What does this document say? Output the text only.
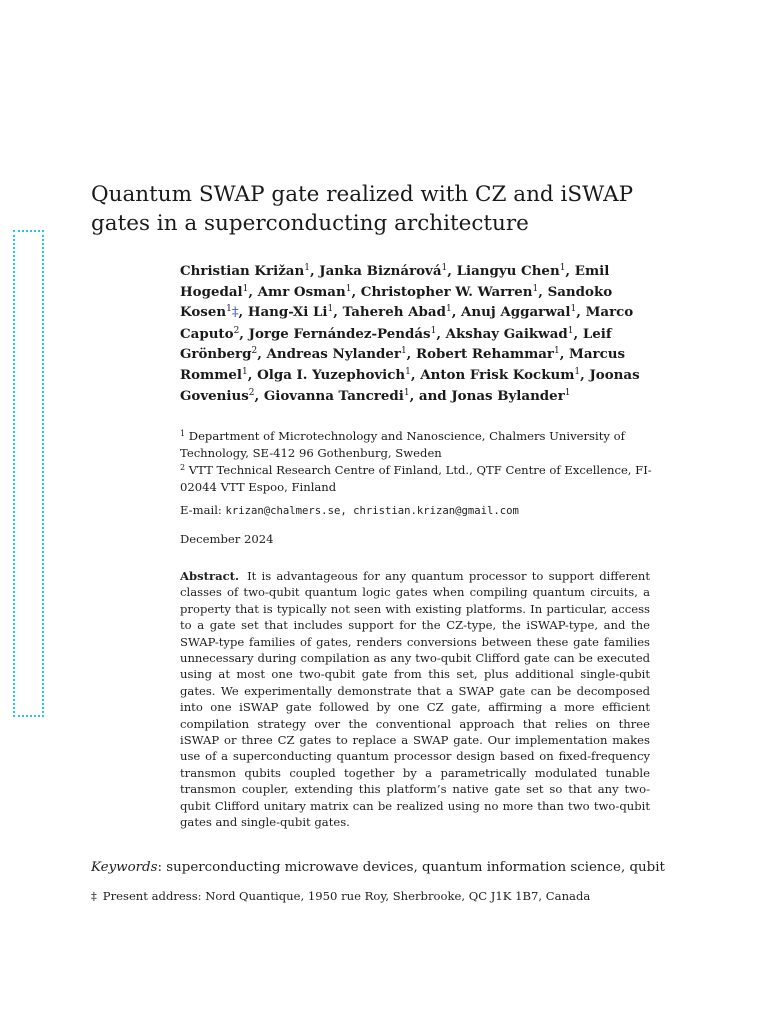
Quantum SWAP gate realized with CZ and iSWAP gates in a superconducting architecture
Christian Križan$^1$, Janka Biznárová$^1$, Liangyu Chen$^1$, Emil Hogedal$^1$, Amr Osman$^1$, Christopher W. Warren$^1$, Sandoko Kosen$^1$‡, Hang-Xi Li$^1$, Tahereh Abad$^1$, Anuj Aggarwal$^1$, Marco Caputo$^2$, Jorge Fernández-Pendás$^1$, Akshay Gaikwad$^1$, Leif Grönberg$^2$, Andreas Nylander$^1$, Robert Rehammar$^1$, Marcus Rommel$^1$, Olga I. Yuzephovich$^1$, Anton Frisk Kockum$^1$, Joonas Govenius$^2$, Giovanna Tancredi$^1$, and Jonas Bylander$^1$
$^1$ Department of Microtechnology and Nanoscience, Chalmers University of Technology, SE-412 96 Gothenburg, Sweden
$^2$ VTT Technical Research Centre of Finland, Ltd., QTF Centre of Excellence, FI-02044 VTT Espoo, Finland
E-mail: krizan@chalmers.se, christian.krizan@gmail.com
December 2024

Abstract. It is advantageous for any quantum processor to support different classes of two-qubit quantum logic gates when compiling quantum circuits, a property that is typically not seen with existing platforms. In particular, access to a gate set that includes support for the CZ-type, the iSWAP-type, and the SWAP-type families of gates, renders conversions between these gate families unnecessary during compilation as any two-qubit Clifford gate can be executed using at most one two-qubit gate from this set, plus additional single-qubit gates. We experimentally demonstrate that a SWAP gate can be decomposed into one iSWAP gate followed by one CZ gate, affirming a more efficient compilation strategy over the conventional approach that relies on three iSWAP or three CZ gates to replace a SWAP gate. Our implementation makes use of a superconducting quantum processor design based on fixed-frequency transmon qubits coupled together by a parametrically modulated tunable transmon coupler, extending this platform’s native gate set so that any two-qubit Clifford unitary matrix can be realized using no more than two two-qubit gates and single-qubit gates.

Keywords: superconducting microwave devices, quantum information science, qubit
‡ Present address: Nord Quantique, 1950 rue Roy, Sherbrooke, QC J1K 1B7, Canada
